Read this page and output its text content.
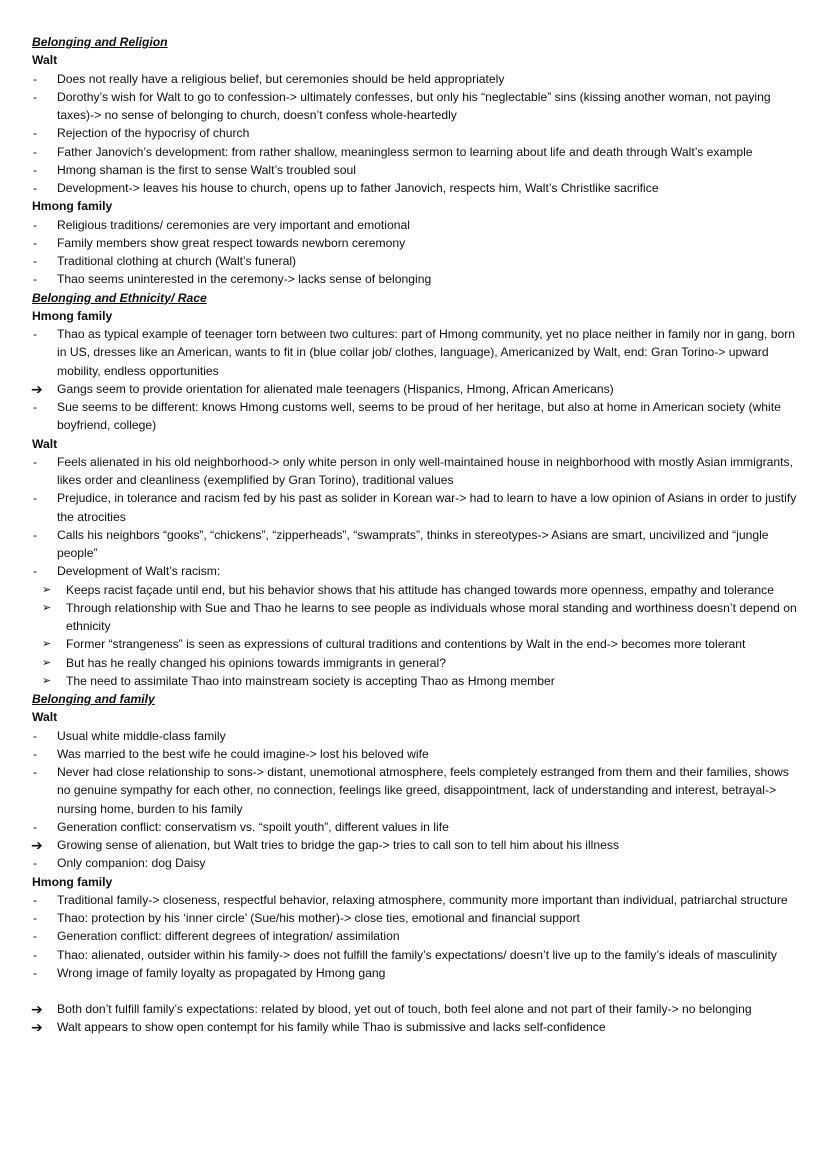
Belonging and Religion
Walt
-	Does not really have a religious belief, but ceremonies should be held appropriately
-	Dorothy’s wish for Walt to go to confession-> ultimately confesses, but only his “neglectable” sins (kissing another woman, not paying taxes)-> no sense of belonging to church, doesn’t confess whole-heartedly
-	Rejection of the hypocrisy of church
-	Father Janovich’s development: from rather shallow, meaningless sermon to learning about life and death through Walt’s example
-	Hmong shaman is the first to sense Walt’s troubled soul
-	Development-> leaves his house to church, opens up to father Janovich, respects him, Walt’s Christlike sacrifice
Hmong family
-	Religious traditions/ ceremonies are very important and emotional
-	Family members show great respect towards newborn ceremony
-	Traditional clothing at church (Walt’s funeral)
-	Thao seems uninterested in the ceremony-> lacks sense of belonging
Belonging and Ethnicity/ Race
Hmong family
-	Thao as typical example of teenager torn between two cultures: part of Hmong community, yet no place neither in family nor in gang, born in US, dresses like an American, wants to fit in (blue collar job/ clothes, language), Americanized by Walt, end: Gran Torino-> upward mobility, endless opportunities
➔	Gangs seem to provide orientation for alienated male teenagers (Hispanics, Hmong, African Americans)
-	Sue seems to be different: knows Hmong customs well, seems to be proud of her heritage, but also at home in American society (white boyfriend, college)
Walt
-	Feels alienated in his old neighborhood-> only white person in only well-maintained house in neighborhood with mostly Asian immigrants, likes order and cleanliness (exemplified by Gran Torino), traditional values
-	Prejudice, in tolerance and racism fed by his past as solider in Korean war-> had to learn to have a low opinion of Asians in order to justify the atrocities
-	Calls his neighbors “gooks”, “chickens”, “zipperheads”, “swamprats”, thinks in stereotypes-> Asians are smart, uncivilized and “jungle people”
-	Development of Walt’s racism:
➢	Keeps racist façade until end, but his behavior shows that his attitude has changed towards more openness, empathy and tolerance
➢	Through relationship with Sue and Thao he learns to see people as individuals whose moral standing and worthiness doesn’t depend on ethnicity
➢	Former “strangeness” is seen as expressions of cultural traditions and contentions by Walt in the end-> becomes more tolerant
➢	But has he really changed his opinions towards immigrants in general?
➢	The need to assimilate Thao into mainstream society is accepting Thao as Hmong member
Belonging and family
Walt
-	Usual white middle-class family
-	Was married to the best wife he could imagine-> lost his beloved wife
-	Never had close relationship to sons-> distant, unemotional atmosphere, feels completely estranged from them and their families, shows no genuine sympathy for each other, no connection, feelings like greed, disappointment, lack of understanding and interest, betrayal-> nursing home, burden to his family
-	Generation conflict: conservatism vs. “spoilt youth”, different values in life
➔	Growing sense of alienation, but Walt tries to bridge the gap-> tries to call son to tell him about his illness
-	Only companion: dog Daisy
Hmong family
-	Traditional family-> closeness, respectful behavior, relaxing atmosphere, community more important than individual, patriarchal structure
-	Thao: protection by his ‘inner circle’ (Sue/his mother)-> close ties, emotional and financial support
-	Generation conflict: different degrees of integration/ assimilation
-	Thao: alienated, outsider within his family-> does not fulfill the family’s expectations/ doesn’t live up to the family’s ideals of masculinity
-	Wrong image of family loyalty as propagated by Hmong gang
➔	Both don’t fulfill family’s expectations: related by blood, yet out of touch, both feel alone and not part of their family-> no belonging
➔	Walt appears to show open contempt for his family while Thao is submissive and lacks self-confidence
